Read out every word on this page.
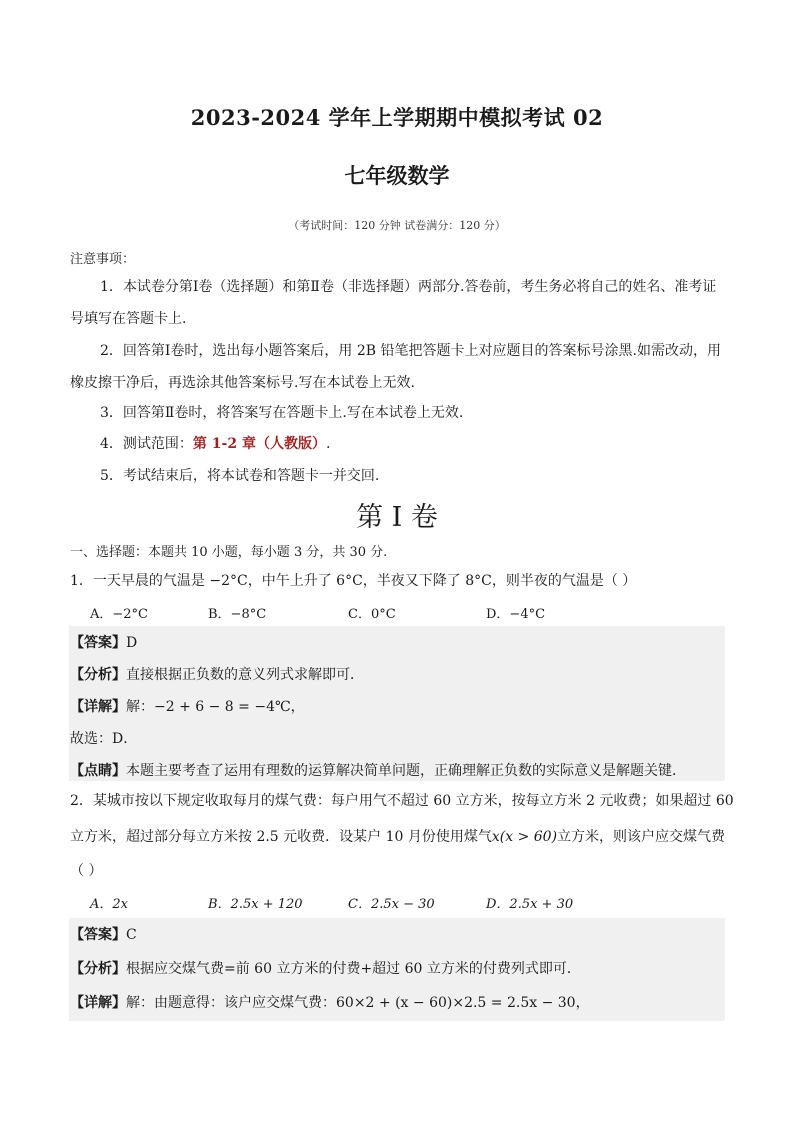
2023-2024 学年上学期期中模拟考试 02
七年级数学
（考试时间：120 分钟 试卷满分：120 分）
注意事项：
1．本试卷分第Ⅰ卷（选择题）和第Ⅱ卷（非选择题）两部分.答卷前，考生务必将自己的姓名、准考证
号填写在答题卡上.
2．回答第Ⅰ卷时，选出每小题答案后，用 2B 铅笔把答题卡上对应题目的答案标号涂黑.如需改动，用
橡皮擦干净后，再选涂其他答案标号.写在本试卷上无效.
3．回答第Ⅱ卷时，将答案写在答题卡上.写在本试卷上无效.
4．测试范围：第 1-2 章（人教版）.
5．考试结束后，将本试卷和答题卡一并交回.
第 I 卷
一、选择题：本题共 10 小题，每小题 3 分，共 30 分.
1．一天早晨的气温是 −2°C，中午上升了 6°C，半夜又下降了 8°C，则半夜的气温是（ ）
A．−2°C	B．−8°C	C．0°C	D．−4°C
【答案】D
【分析】直接根据正负数的意义列式求解即可．
【详解】解：−2 + 6 − 8 = −4℃，
故选：D．
【点睛】本题主要考查了运用有理数的运算解决简单问题，正确理解正负数的实际意义是解题关键．
2．某城市按以下规定收取每月的煤气费：每户用气不超过 60 立方米，按每立方米 2 元收费；如果超过 60
立方米，超过部分每立方米按 2.5 元收费．设某户 10 月份使用煤气x(x > 60)立方米，则该户应交煤气费
（ ）
A．2x	B．2.5x + 120	C．2.5x − 30	D．2.5x + 30
【答案】C
【分析】根据应交煤气费=前 60 立方米的付费+超过 60 立方米的付费列式即可．
【详解】解：由题意得：该户应交煤气费：60×2 + (x − 60)×2.5 = 2.5x − 30，
